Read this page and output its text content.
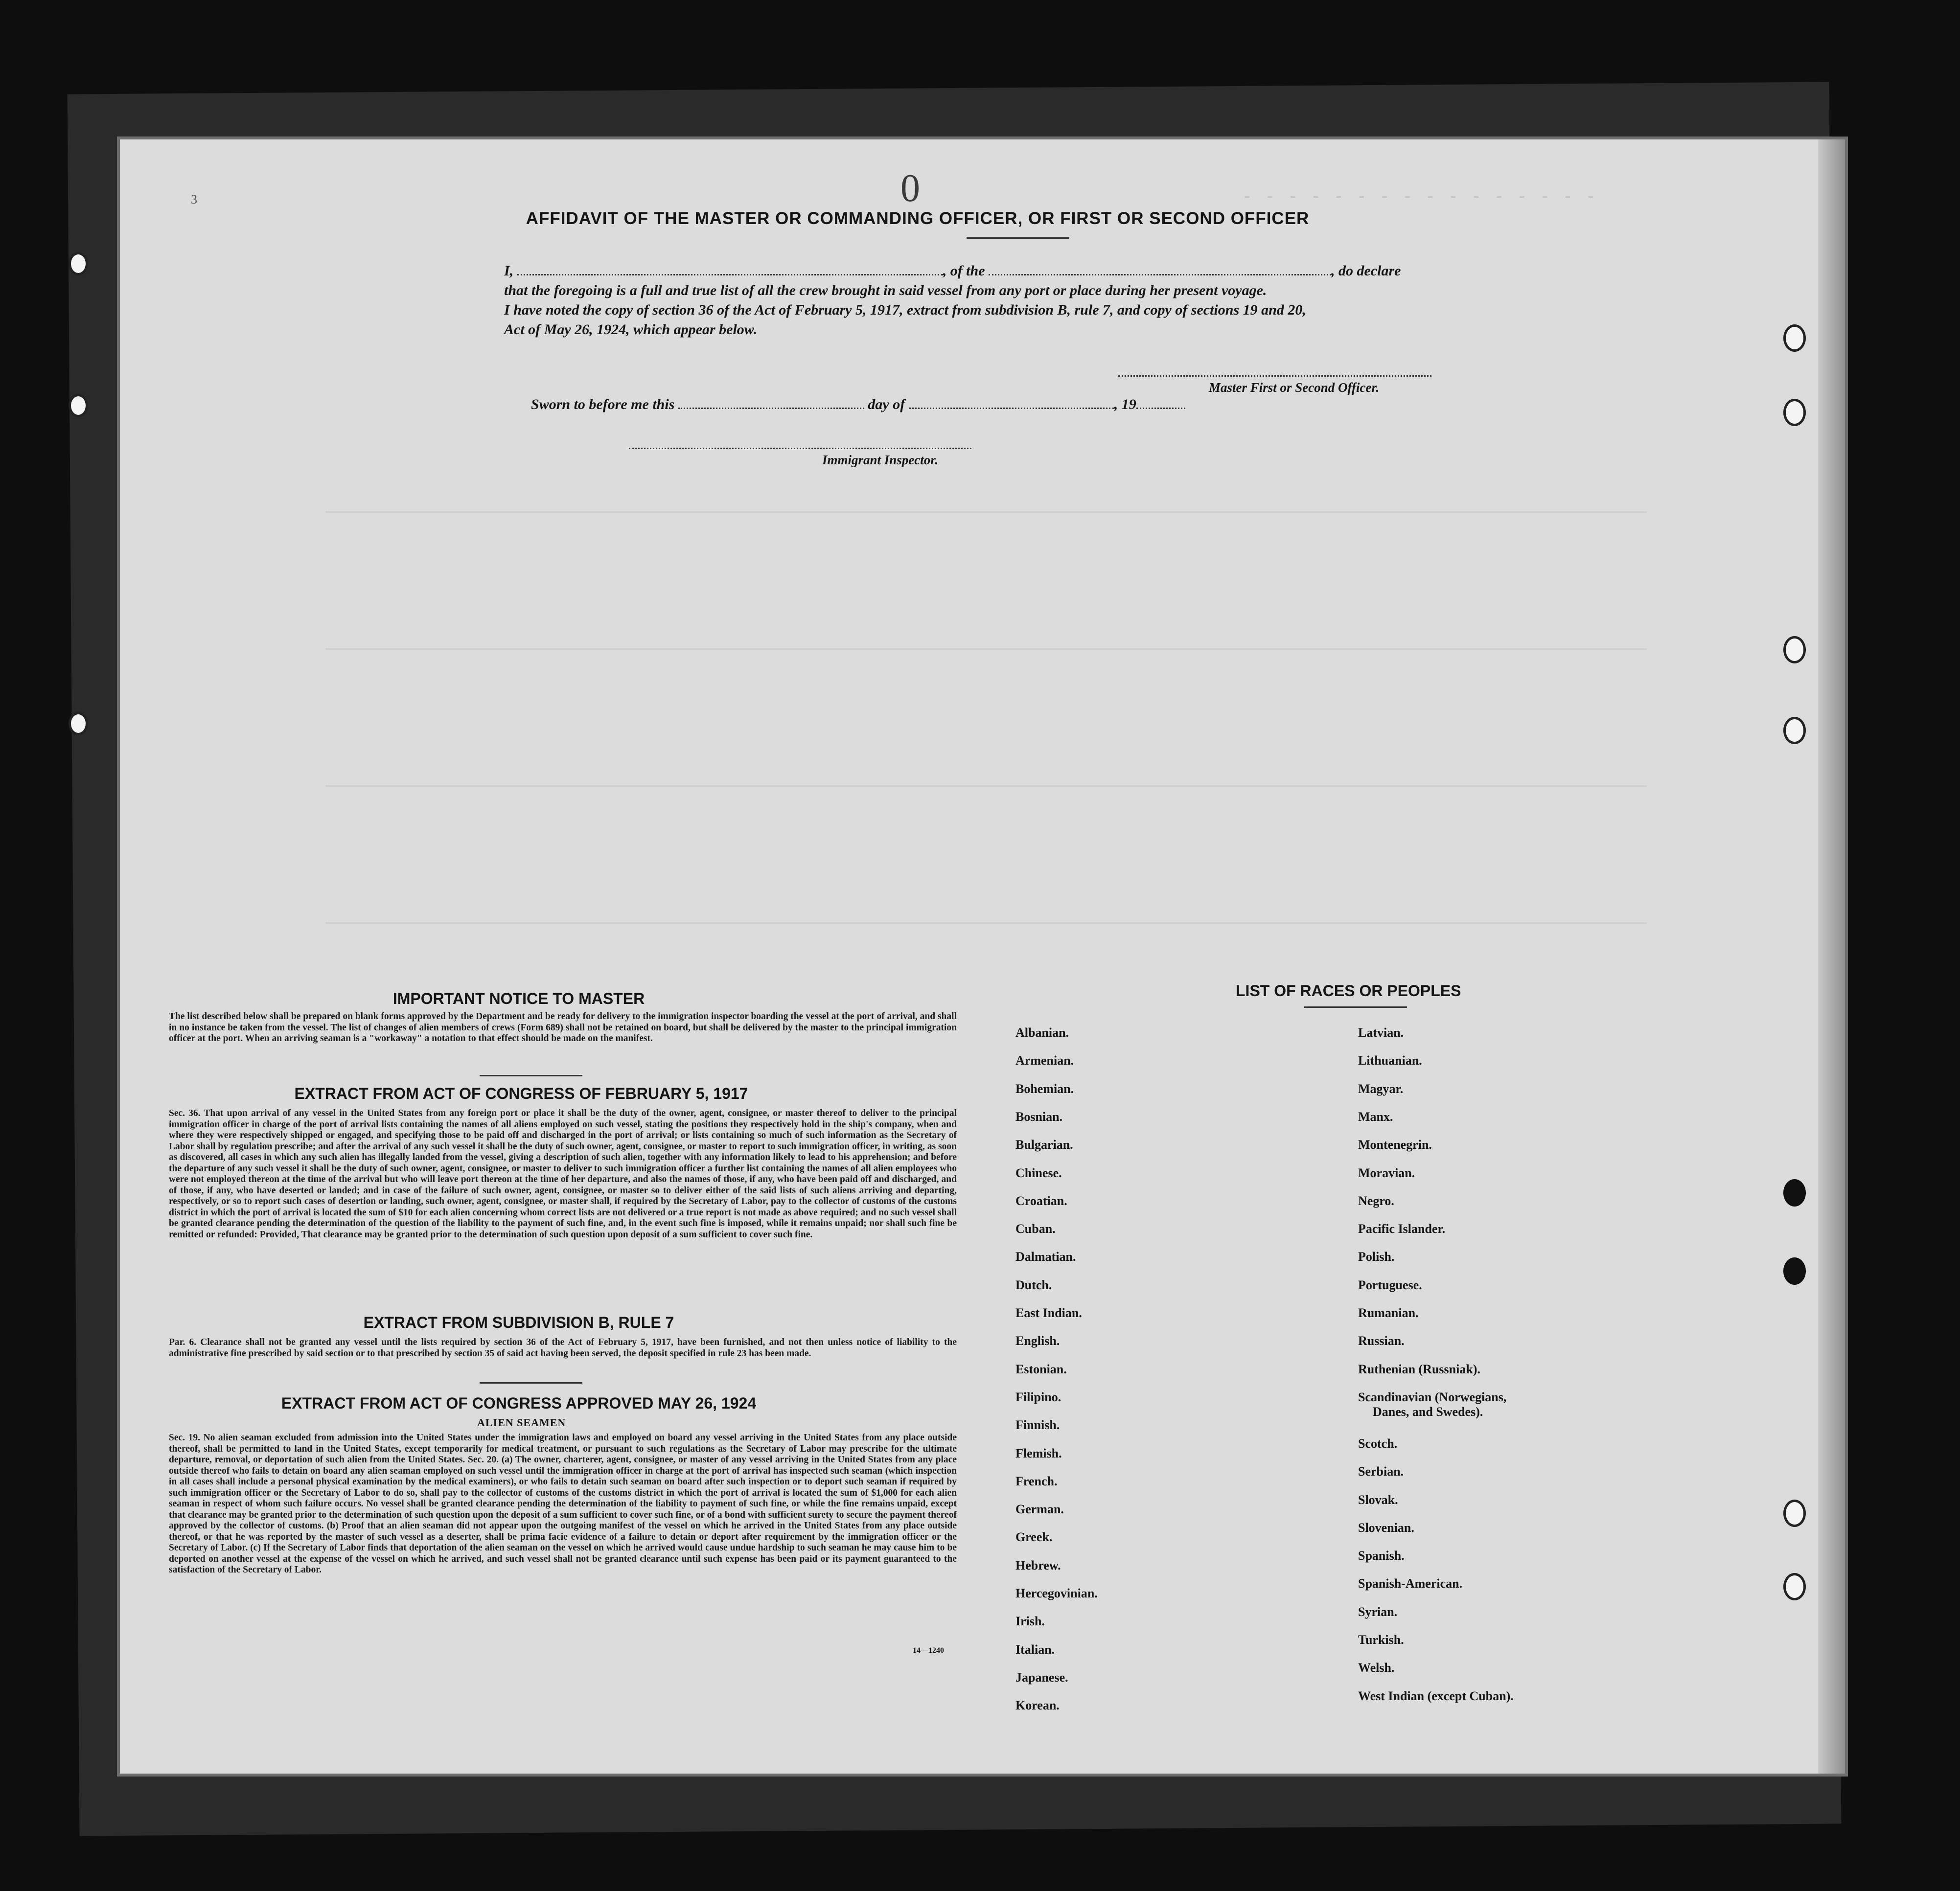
- - - - - - - - - - - - - - - -
3	0
AFFIDAVIT OF THE MASTER OR COMMANDING OFFICER, OR FIRST OR SECOND OFFICER
I,	, of the	, do declare
that the foregoing is a full and true list of all the crew brought in said vessel from any port or place during her present voyage.
I have noted the copy of section 36 of the Act of February 5, 1917, extract from subdivision B, rule 7, and copy of sections 19 and 20,
Act of May 26, 1924, which appear below.
Master First or Second Officer.
Sworn to before me this	day of	, 19
Immigrant Inspector.
IMPORTANT NOTICE TO MASTER
The list described below shall be prepared on blank forms approved by the Department and be ready for delivery to the immigration inspector boarding the vessel at the port of arrival, and shall in no instance be taken from the vessel. The list of changes of alien members of crews (Form 689) shall not be retained on board, but shall be delivered by the master to the principal immigration officer at the port. When an arriving seaman is a "workaway" a notation to that effect should be made on the manifest.
EXTRACT FROM ACT OF CONGRESS OF FEBRUARY 5, 1917
Sec. 36. That upon arrival of any vessel in the United States from any foreign port or place it shall be the duty of the owner, agent, consignee, or master thereof to deliver to the principal immigration officer in charge of the port of arrival lists containing the names of all aliens employed on such vessel, stating the positions they respectively hold in the ship's company, when and where they were respectively shipped or engaged, and specifying those to be paid off and discharged in the port of arrival; or lists containing so much of such information as the Secretary of Labor shall by regulation prescribe; and after the arrival of any such vessel it shall be the duty of such owner, agent, consignee, or master to report to such immigration officer, in writing, as soon as discovered, all cases in which any such alien has illegally landed from the vessel, giving a description of such alien, together with any information likely to lead to his apprehension; and before the departure of any such vessel it shall be the duty of such owner, agent, consignee, or master to deliver to such immigration officer a further list containing the names of all alien employees who were not employed thereon at the time of the arrival but who will leave port thereon at the time of her departure, and also the names of those, if any, who have been paid off and discharged, and of those, if any, who have deserted or landed; and in case of the failure of such owner, agent, consignee, or master so to deliver either of the said lists of such aliens arriving and departing, respectively, or so to report such cases of desertion or landing, such owner, agent, consignee, or master shall, if required by the Secretary of Labor, pay to the collector of customs of the customs district in which the port of arrival is located the sum of $10 for each alien concerning whom correct lists are not delivered or a true report is not made as above required; and no such vessel shall be granted clearance pending the determination of the question of the liability to the payment of such fine, and, in the event such fine is imposed, while it remains unpaid; nor shall such fine be remitted or refunded: Provided, That clearance may be granted prior to the determination of such question upon deposit of a sum sufficient to cover such fine.
EXTRACT FROM SUBDIVISION B, RULE 7
Par. 6. Clearance shall not be granted any vessel until the lists required by section 36 of the Act of February 5, 1917, have been furnished, and not then unless notice of liability to the administrative fine prescribed by said section or to that prescribed by section 35 of said act having been served, the deposit specified in rule 23 has been made.
EXTRACT FROM ACT OF CONGRESS APPROVED MAY 26, 1924
ALIEN SEAMEN
Sec. 19. No alien seaman excluded from admission into the United States under the immigration laws and employed on board any vessel arriving in the United States from any place outside thereof, shall be permitted to land in the United States, except temporarily for medical treatment, or pursuant to such regulations as the Secretary of Labor may prescribe for the ultimate departure, removal, or deportation of such alien from the United States. Sec. 20. (a) The owner, charterer, agent, consignee, or master of any vessel arriving in the United States from any place outside thereof who fails to detain on board any alien seaman employed on such vessel until the immigration officer in charge at the port of arrival has inspected such seaman (which inspection in all cases shall include a personal physical examination by the medical examiners), or who fails to detain such seaman on board after such inspection or to deport such seaman if required by such immigration officer or the Secretary of Labor to do so, shall pay to the collector of customs of the customs district in which the port of arrival is located the sum of $1,000 for each alien seaman in respect of whom such failure occurs. No vessel shall be granted clearance pending the determination of the liability to payment of such fine, or while the fine remains unpaid, except that clearance may be granted prior to the determination of such question upon the deposit of a sum sufficient to cover such fine, or of a bond with sufficient surety to secure the payment thereof approved by the collector of customs. (b) Proof that an alien seaman did not appear upon the outgoing manifest of the vessel on which he arrived in the United States from any place outside thereof, or that he was reported by the master of such vessel as a deserter, shall be prima facie evidence of a failure to detain or deport after requirement by the immigration officer or the Secretary of Labor. (c) If the Secretary of Labor finds that deportation of the alien seaman on the vessel on which he arrived would cause undue hardship to such seaman he may cause him to be deported on another vessel at the expense of the vessel on which he arrived, and such vessel shall not be granted clearance until such expense has been paid or its payment guaranteed to the satisfaction of the Secretary of Labor.
14—1240
LIST OF RACES OR PEOPLES
Albanian.
Armenian.
Bohemian.
Bosnian.
Bulgarian.
Chinese.
Croatian.
Cuban.
Dalmatian.
Dutch.
East Indian.
English.
Estonian.
Filipino.
Finnish.
Flemish.
French.
German.
Greek.
Hebrew.
Hercegovinian.
Irish.
Italian.
Japanese.
Korean.
Latvian.
Lithuanian.
Magyar.
Manx.
Montenegrin.
Moravian.
Negro.
Pacific Islander.
Polish.
Portuguese.
Rumanian.
Russian.
Ruthenian (Russniak).
Scandinavian (Norwegians,
Danes, and Swedes).
Scotch.
Serbian.
Slovak.
Slovenian.
Spanish.
Spanish-American.
Syrian.
Turkish.
Welsh.
West Indian (except Cuban).
